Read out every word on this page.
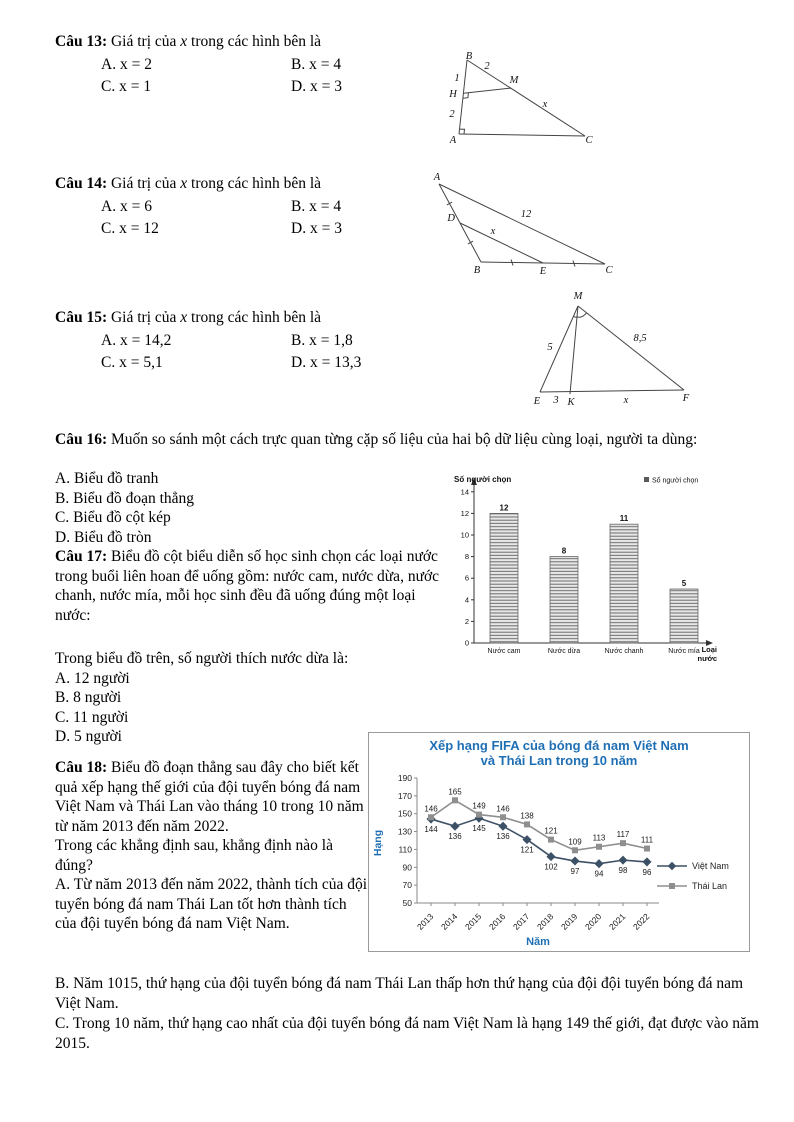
Câu 13: Giá trị của x trong các hình bên là

A. x = 2	B. x = 4
C. x = 1	D. x = 3
B
1
H
2
A	C
M
2
x

Câu 14: Giá trị của x trong các hình bên là

A. x = 6	B. x = 4
C. x = 12	D. x = 3
A
D
B	E	C
12
x

Câu 15: Giá trị của x trong các hình bên là

A. x = 14,2	B. x = 1,8
C. x = 5,1	D. x = 13,3
M
5
8,5
E 3 K	x	F

Câu 16: Muốn so sánh một cách trực quan từng cặp số liệu của hai bộ dữ liệu cùng loại, người ta dùng:

A. Biểu đồ tranh

B. Biểu đồ đoạn thẳng

C. Biểu đồ cột kép

D. Biểu đồ tròn

Câu 17: Biểu đồ cột biểu diễn số học sinh chọn các loại nước trong buổi liên hoan để uống gồm: nước cam, nước dừa, nước chanh, nước mía, mỗi học sinh đều đã uống đúng một loại nước:

Trong biểu đồ trên, số người thích nước dừa là:

A. 12 người

B. 8 người

C. 11 người

D. 5 người

0
2
4
6
8
10
12
14
12
Nước cam
8
Nước dừa
11
Nước chanh
5
Nước mía
Số người chọn	Số người chọn
Loại
nước

Câu 18: Biểu đồ đoạn thẳng sau đây cho biết kết quả xếp hạng thế giới của đội tuyển bóng đá nam Việt Nam và Thái Lan vào tháng 10 trong 10 năm từ năm 2013 đến năm 2022.

Trong các khẳng định sau, khẳng định nào là đúng?

A. Từ năm 2013 đến năm 2022, thành tích của đội tuyển bóng đá nam Thái Lan tốt hơn thành tích của đội tuyển bóng đá nam Việt Nam.

Xếp hạng FIFA của bóng đá nam Việt Nam
và Thái Lan trong 10 năm
50
70
90
110
130
150
170
190
2013 2014 2015 2016 2017 2018 2019 2020 2021 2022
144
136
145
136
121
102 97 94 98 96
146
165
149 146
138
121
109 113 117
111
Hạng
Năm
Việt Nam
Thái Lan

B. Năm 1015, thứ hạng của đội tuyển bóng đá nam Thái Lan thấp hơn thứ hạng của đội đội tuyển bóng đá nam Việt Nam.

C. Trong 10 năm, thứ hạng cao nhất của đội tuyển bóng đá nam Việt Nam là hạng 149 thế giới, đạt được vào năm 2015.
